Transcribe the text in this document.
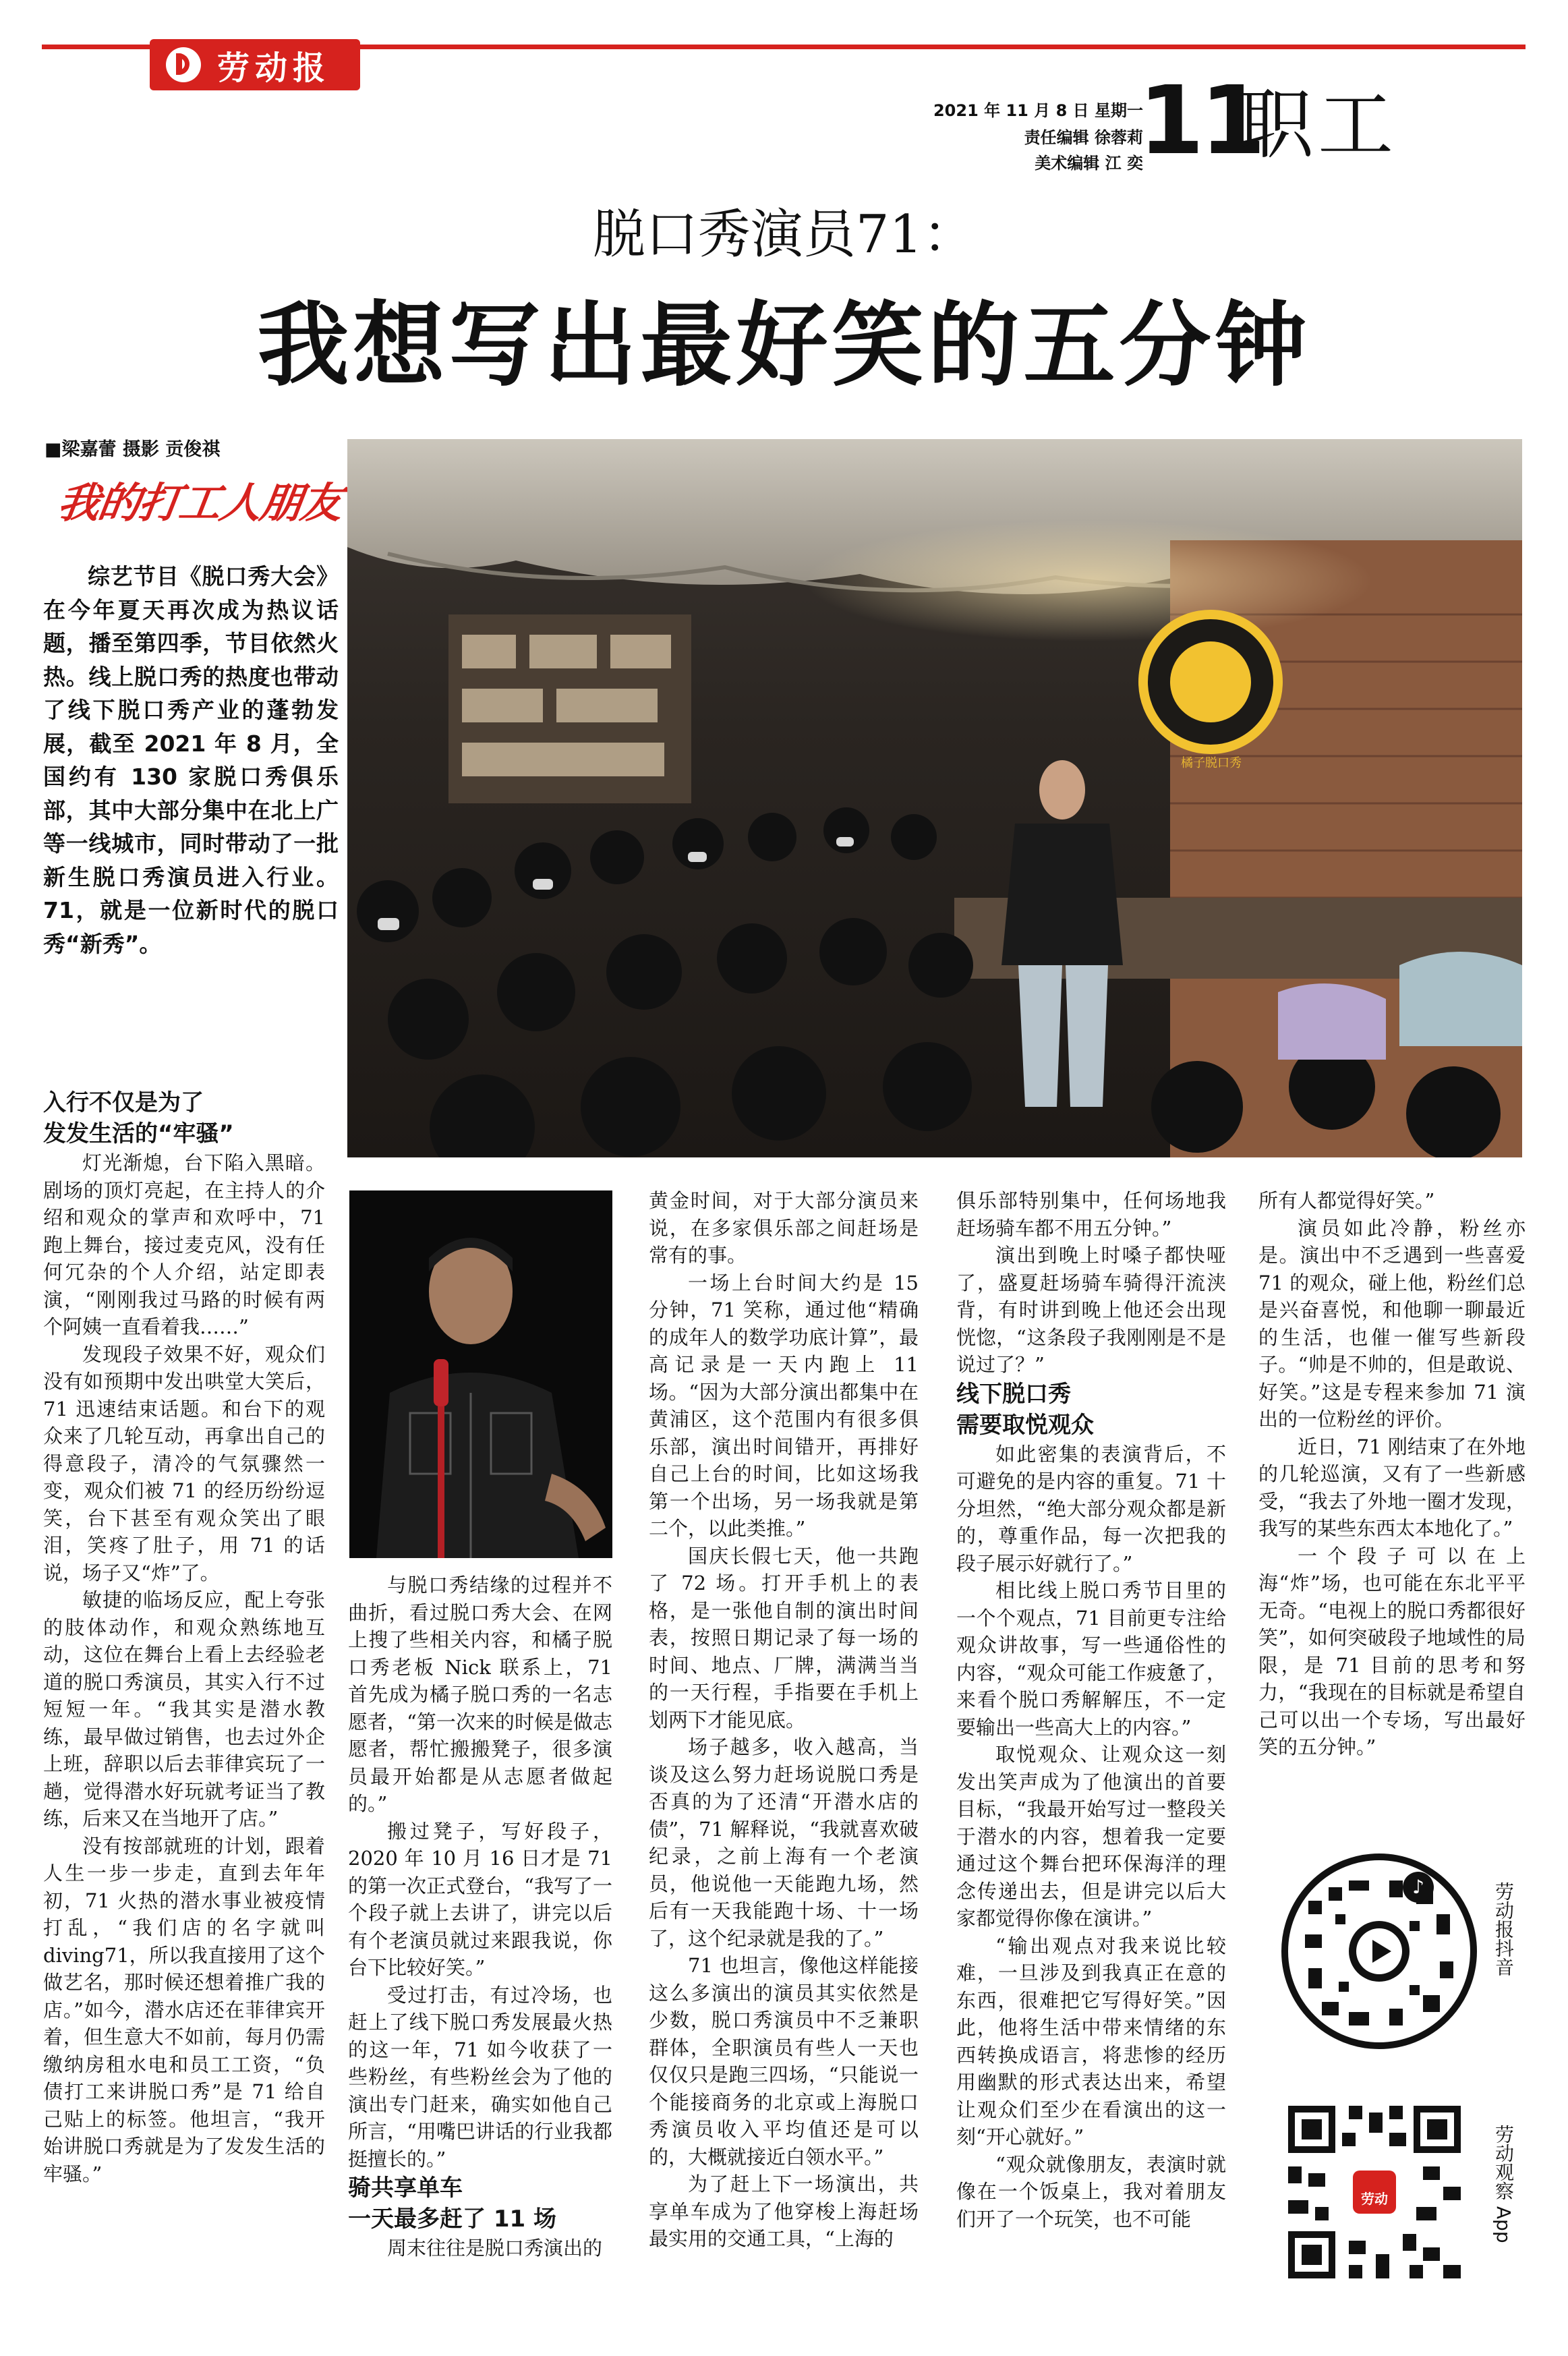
劳动报
2021 年 11 月 8 日 星期一
责任编辑 徐蓉莉
美术编辑 江 奕
11
职工
脱口秀演员71：
我想写出最好笑的五分钟
■梁嘉蕾 摄影 贡俊祺
我的打工人朋友

综艺节目《脱口秀大会》在今年夏天再次成为热议话题，播至第四季，节目依然火热。线上脱口秀的热度也带动了线下脱口秀产业的蓬勃发展，截至 2021 年 8 月，全国约有 130 家脱口秀俱乐部，其中大部分集中在北上广等一线城市，同时带动了一批新生脱口秀演员进入行业。71，就是一位新时代的脱口秀“新秀”。

橘子脱口秀

入行不仅是为了
发发生活的“牢骚”

灯光渐熄，台下陷入黑暗。剧场的顶灯亮起，在主持人的介绍和观众的掌声和欢呼中，71 跑上舞台，接过麦克风，没有任何冗杂的个人介绍，站定即表演，“刚刚我过马路的时候有两个阿姨一直看着我……”

发现段子效果不好，观众们没有如预期中发出哄堂大笑后，71 迅速结束话题。和台下的观众来了几轮互动，再拿出自己的得意段子，清冷的气氛骤然一变，观众们被 71 的经历纷纷逗笑，台下甚至有观众笑出了眼泪，笑疼了肚子，用 71 的话说，场子又“炸”了。

敏捷的临场反应，配上夸张的肢体动作，和观众熟练地互动，这位在舞台上看上去经验老道的脱口秀演员，其实入行不过短短一年。“我其实是潜水教练，最早做过销售，也去过外企上班，辞职以后去菲律宾玩了一趟，觉得潜水好玩就考证当了教练，后来又在当地开了店。”

没有按部就班的计划，跟着人生一步一步走，直到去年年初，71 火热的潜水事业被疫情打乱，“我们店的名字就叫 diving71，所以我直接用了这个做艺名，那时候还想着推广我的店。”如今，潜水店还在菲律宾开着，但生意大不如前，每月仍需缴纳房租水电和员工工资，“负债打工来讲脱口秀”是 71 给自己贴上的标签。他坦言，“我开始讲脱口秀就是为了发发生活的牢骚。”

与脱口秀结缘的过程并不曲折，看过脱口秀大会、在网上搜了些相关内容，和橘子脱口秀老板 Nick 联系上，71 首先成为橘子脱口秀的一名志愿者，“第一次来的时候是做志愿者，帮忙搬搬凳子，很多演员最开始都是从志愿者做起的。”

搬过凳子，写好段子，2020 年 10 月 16 日才是 71 的第一次正式登台，“我写了一个段子就上去讲了，讲完以后有个老演员就过来跟我说，你台下比较好笑。”

受过打击，有过冷场，也赶上了线下脱口秀发展最火热的这一年，71 如今收获了一些粉丝，有些粉丝会为了他的演出专门赶来，确实如他自己所言，“用嘴巴讲话的行业我都挺擅长的。”

骑共享单车
一天最多赶了 11 场

周末往往是脱口秀演出的

黄金时间，对于大部分演员来说，在多家俱乐部之间赶场是常有的事。

一场上台时间大约是 15 分钟，71 笑称，通过他“精确的成年人的数学功底计算”，最高记录是一天内跑上 11 场。“因为大部分演出都集中在黄浦区，这个范围内有很多俱乐部，演出时间错开，再排好自己上台的时间，比如这场我第一个出场，另一场我就是第二个，以此类推。”

国庆长假七天，他一共跑了 72 场。打开手机上的表格，是一张他自制的演出时间表，按照日期记录了每一场的时间、地点、厂牌，满满当当的一天行程，手指要在手机上划两下才能见底。

场子越多，收入越高，当谈及这么努力赶场说脱口秀是否真的为了还清“开潜水店的债”，71 解释说，“我就喜欢破纪录，之前上海有一个老演员，他说他一天能跑九场，然后有一天我能跑十场、十一场了，这个纪录就是我的了。”

71 也坦言，像他这样能接这么多演出的演员其实依然是少数，脱口秀演员中不乏兼职群体，全职演员有些人一天也仅仅只是跑三四场，“只能说一个能接商务的北京或上海脱口秀演员收入平均值还是可以的，大概就接近白领水平。”

为了赶上下一场演出，共享单车成为了他穿梭上海赶场最实用的交通工具，“上海的

俱乐部特别集中，任何场地我赶场骑车都不用五分钟。”

演出到晚上时嗓子都快哑了，盛夏赶场骑车骑得汗流浃背，有时讲到晚上他还会出现恍惚，“这条段子我刚刚是不是说过了？”

线下脱口秀
需要取悦观众

如此密集的表演背后，不可避免的是内容的重复。71 十分坦然，“绝大部分观众都是新的，尊重作品，每一次把我的段子展示好就行了。”

相比线上脱口秀节目里的一个个观点，71 目前更专注给观众讲故事，写一些通俗性的内容，“观众可能工作疲惫了，来看个脱口秀解解压，不一定要输出一些高大上的内容。”

取悦观众、让观众这一刻发出笑声成为了他演出的首要目标，“我最开始写过一整段关于潜水的内容，想着我一定要通过这个舞台把环保海洋的理念传递出去，但是讲完以后大家都觉得你像在演讲。”

“输出观点对我来说比较难，一旦涉及到我真正在意的东西，很难把它写得好笑。”因此，他将生活中带来情绪的东西转换成语言，将悲惨的经历用幽默的形式表达出来，希望让观众们至少在看演出的这一刻“开心就好。”

“观众就像朋友，表演时就像在一个饭桌上，我对着朋友们开了一个玩笑，也不可能

所有人都觉得好笑。”

演员如此冷静，粉丝亦是。演出中不乏遇到一些喜爱 71 的观众，碰上他，粉丝们总是兴奋喜悦，和他聊一聊最近的生活，也催一催写些新段子。“帅是不帅的，但是敢说、好笑。”这是专程来参加 71 演出的一位粉丝的评价。

近日，71 刚结束了在外地的几轮巡演，又有了一些新感受，“我去了外地一圈才发现，我写的某些东西太本地化了。”

一个段子可以在上海“炸”场，也可能在东北平平无奇。“电视上的脱口秀都很好笑”，如何突破段子地域性的局限，是 71 目前的思考和努力，“我现在的目标就是希望自己可以出一个专场，写出最好笑的五分钟。”

♪	劳动报抖音
劳动	劳动观察 App
